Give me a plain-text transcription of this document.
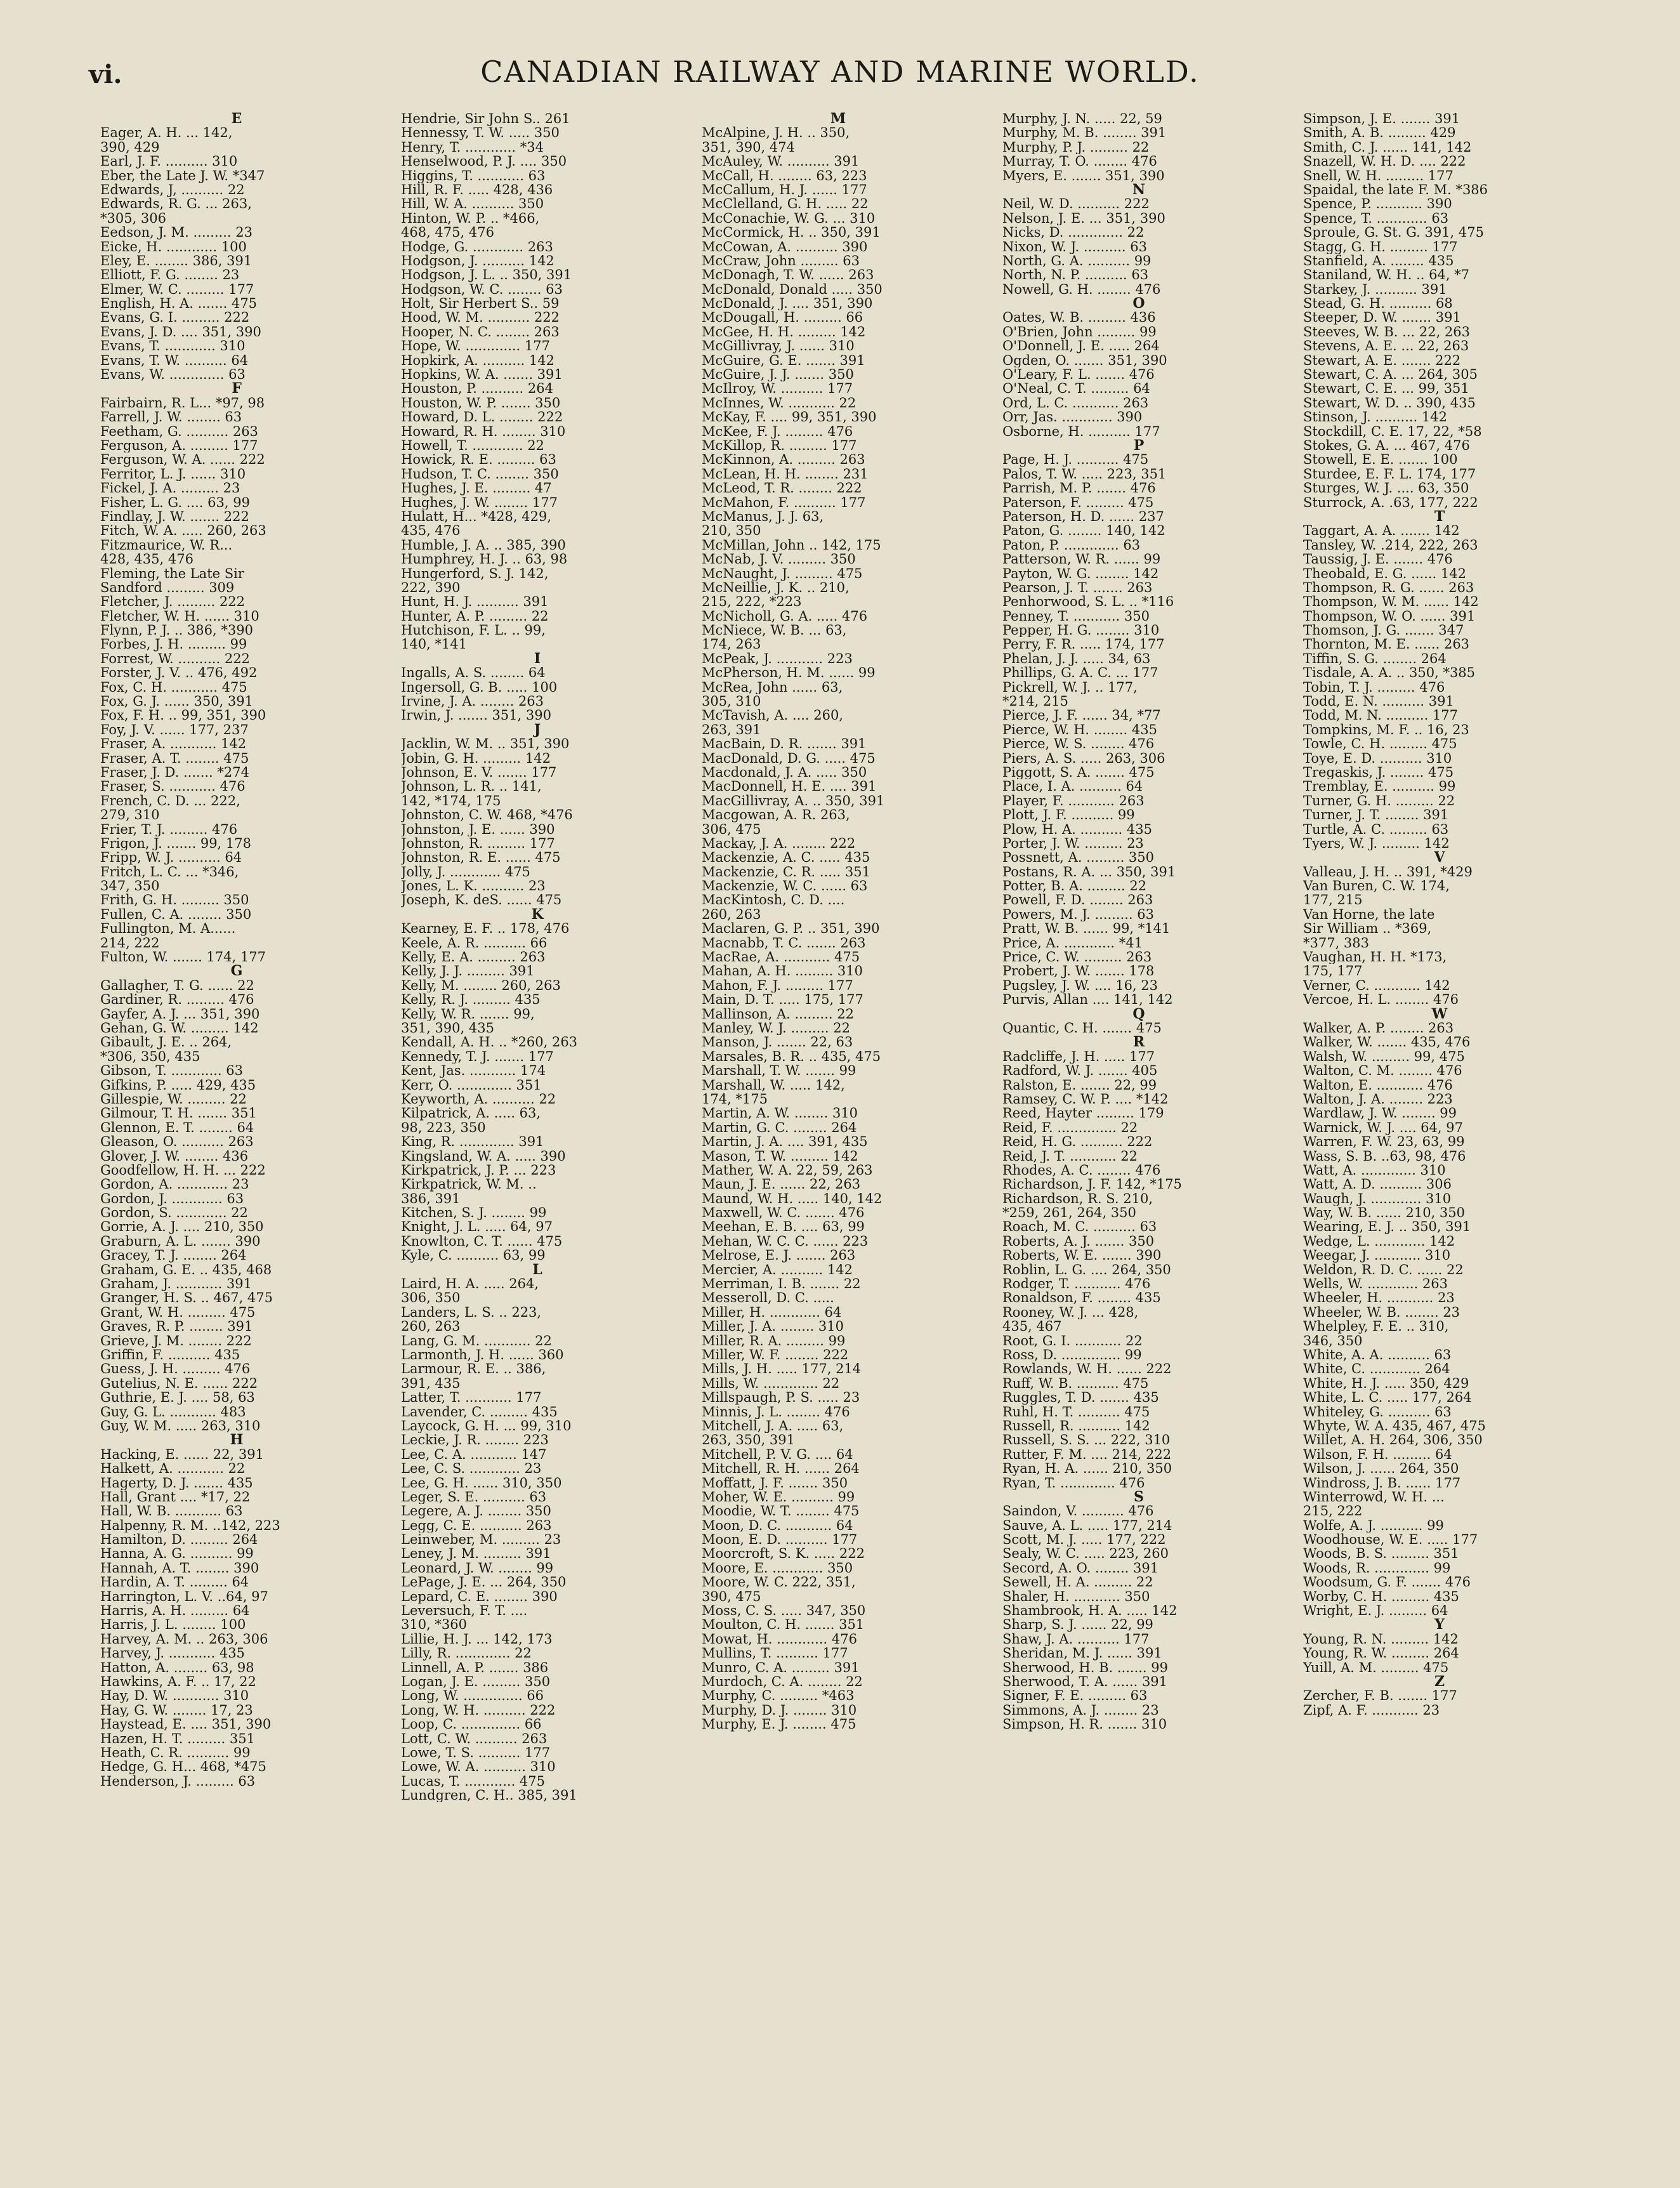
vi.	CANADIAN RAILWAY AND MARINE WORLD.
E
Eager, A. H. ... 142,
390, 429
Earl, J. F. .......... 310
Eber, the Late J. W. *347
Edwards, J, .......... 22
Edwards, R. G. ... 263,
*305, 306
Eedson, J. M. ......... 23
Eicke, H. ............ 100
Eley, E. ........ 386, 391
Elliott, F. G. ........ 23
Elmer, W. C. ......... 177
English, H. A. ....... 475
Evans, G. I. ......... 222
Evans, J. D. .... 351, 390
Evans, T. ............ 310
Evans, T. W. .......... 64
Evans, W. ............. 63
F
Fairbairn, R. L... *97, 98
Farrell, J. W. ........ 63
Feetham, G. .......... 263
Ferguson, A. ......... 177
Ferguson, W. A. ...... 222
Ferritor, L. J. ...... 310
Fickel, J. A. ......... 23
Fisher, L. G. .... 63, 99
Findlay, J. W. ....... 222
Fitch, W. A. ..... 260, 263
Fitzmaurice, W. R...
428, 435, 476
Fleming, the Late Sir
Sandford ......... 309
Fletcher, J. ......... 222
Fletcher, W. H. ...... 310
Flynn, P. J. .. 386, *390
Forbes, J. H. ......... 99
Forrest, W. .......... 222
Forster, J. V. .. 476, 492
Fox, C. H. ........... 475
Fox, G. J. ...... 350, 391
Fox, F. H. .. 99, 351, 390
Foy, J. V. ...... 177, 237
Fraser, A. ........... 142
Fraser, A. T. ........ 475
Fraser, J. D. ....... *274
Fraser, S. ........... 476
French, C. D. ... 222,
279, 310
Frier, T. J. ......... 476
Frigon, J. ....... 99, 178
Fripp, W. J. .......... 64
Fritch, L. C. ... *346,
347, 350
Frith, G. H. ......... 350
Fullen, C. A. ........ 350
Fullington, M. A......
214, 222
Fulton, W. ....... 174, 177
G
Gallagher, T. G. ...... 22
Gardiner, R. ......... 476
Gayfer, A. J. ... 351, 390
Gehan, G. W. ......... 142
Gibault, J. E. .. 264,
*306, 350, 435
Gibson, T. ............ 63
Gifkins, P. ..... 429, 435
Gillespie, W. ......... 22
Gilmour, T. H. ....... 351
Glennon, E. T. ........ 64
Gleason, O. .......... 263
Glover, J. W. ........ 436
Goodfellow, H. H. ... 222
Gordon, A. ............ 23
Gordon, J. ............ 63
Gordon, S. ............ 22
Gorrie, A. J. .... 210, 350
Graburn, A. L. ....... 390
Gracey, T. J. ........ 264
Graham, G. E. .. 435, 468
Graham, J. ........... 391
Granger, H. S. .. 467, 475
Grant, W. H. ......... 475
Graves, R. P. ........ 391
Grieve, J. M. ........ 222
Griffin, F. .......... 435
Guess, J. H. ......... 476
Gutelius, N. E. ...... 222
Guthrie, E. J. .... 58, 63
Guy, G. L. ........... 483
Guy, W. M. ..... 263, 310
H
Hacking, E. ...... 22, 391
Halkett, A. ........... 22
Hagerty, D. J. ....... 435
Hall, Grant .... *17, 22
Hall, W. B. ........... 63
Halpenny, R. M. ..142, 223
Hamilton, D. ......... 264
Hanna, A. G. .......... 99
Hannah, A. T. ........ 390
Hardin, A. T. ......... 64
Harrington, L. V. ..64, 97
Harris, A. H. ......... 64
Harris, J. L. ........ 100
Harvey, A. M. .. 263, 306
Harvey, J. ........... 435
Hatton, A. ........ 63, 98
Hawkins, A. F. .. 17, 22
Hay, D. W. ........... 310
Hay, G. W. ........ 17, 23
Haystead, E. .... 351, 390
Hazen, H. T. ......... 351
Heath, C. R. .......... 99
Hedge, G. H... 468, *475
Henderson, J. ......... 63
Hendrie, Sir John S.. 261
Hennessy, T. W. ..... 350
Henry, T. ............ *34
Henselwood, P. J. .... 350
Higgins, T. ........... 63
Hill, R. F. ..... 428, 436
Hill, W. A. .......... 350
Hinton, W. P. .. *466,
468, 475, 476
Hodge, G. ............ 263
Hodgson, J. .......... 142
Hodgson, J. L. .. 350, 391
Hodgson, W. C. ........ 63
Holt, Sir Herbert S.. 59
Hood, W. M. .......... 222
Hooper, N. C. ........ 263
Hope, W. ............. 177
Hopkirk, A. .......... 142
Hopkins, W. A. ....... 391
Houston, P. .......... 264
Houston, W. P. ....... 350
Howard, D. L. ........ 222
Howard, R. H. ........ 310
Howell, T. ............ 22
Howick, R. E. ......... 63
Hudson, T. C. ........ 350
Hughes, J. E. ......... 47
Hughes, J. W. ........ 177
Hulatt, H... *428, 429,
435, 476
Humble, J. A. .. 385, 390
Humphrey, H. J. .. 63, 98
Hungerford, S. J. 142,
222, 390
Hunt, H. J. .......... 391
Hunter, A. P. ......... 22
Hutchison, F. L. .. 99,
140, *141
I
Ingalls, A. S. ........ 64
Ingersoll, G. B. ..... 100
Irvine, J. A. ........ 263
Irwin, J. ....... 351, 390
J
Jacklin, W. M. .. 351, 390
Jobin, G. H. ......... 142
Johnson, E. V. ....... 177
Johnson, L. R. .. 141,
142, *174, 175
Johnston, C. W. 468, *476
Johnston, J. E. ...... 390
Johnston, R. ......... 177
Johnston, R. E. ...... 475
Jolly, J. ............ 475
Jones, L. K. .......... 23
Joseph, K. deS. ...... 475
K
Kearney, E. F. .. 178, 476
Keele, A. R. .......... 66
Kelly, E. A. ......... 263
Kelly, J. J. ......... 391
Kelly, M. ........ 260, 263
Kelly, R. J. ......... 435
Kelly, W. R. ....... 99,
351, 390, 435
Kendall, A. H. .. *260, 263
Kennedy, T. J. ....... 177
Kent, Jas. ........... 174
Kerr, O. ............. 351
Keyworth, A. .......... 22
Kilpatrick, A. ..... 63,
98, 223, 350
King, R. ............. 391
Kingsland, W. A. ..... 390
Kirkpatrick, J. P. ... 223
Kirkpatrick, W. M. ..
386, 391
Kitchen, S. J. ........ 99
Knight, J. L. ..... 64, 97
Knowlton, C. T. ...... 475
Kyle, C. .......... 63, 99
L
Laird, H. A. ..... 264,
306, 350
Landers, L. S. .. 223,
260, 263
Lang, G. M. ........... 22
Larmonth, J. H. ...... 360
Larmour, R. E. .. 386,
391, 435
Latter, T. ........... 177
Lavender, C. ......... 435
Laycock, G. H. ... 99, 310
Leckie, J. R. ........ 223
Lee, C. A. ........... 147
Lee, C. S. ............ 23
Lee, G. H. ...... 310, 350
Leger, S. E. .......... 63
Legere, A. J. ........ 350
Legg, C. E. .......... 263
Leinweber, M. ......... 23
Leney, J. M. ......... 391
Leonard, J. W. ........ 99
LePage, J. E. ... 264, 350
Lepard, C. E. ........ 390
Leversuch, F. T. ....
310, *360
Lillie, H. J. ... 142, 173
Lilly, R. ............. 22
Linnell, A. P. ....... 386
Logan, J. E. ......... 350
Long, W. .............. 66
Long, W. H. .......... 222
Loop, C. .............. 66
Lott, C. W. .......... 263
Lowe, T. S. .......... 177
Lowe, W. A. .......... 310
Lucas, T. ............ 475
Lundgren, C. H.. 385, 391
M
McAlpine, J. H. .. 350,
351, 390, 474
McAuley, W. .......... 391
McCall, H. ........ 63, 223
McCallum, H. J. ...... 177
McClelland, G. H. ..... 22
McConachie, W. G. ... 310
McCormick, H. .. 350, 391
McCowan, A. .......... 390
McCraw, John ......... 63
McDonagh, T. W. ...... 263
McDonald, Donald ..... 350
McDonald, J. .... 351, 390
McDougall, H. ......... 66
McGee, H. H. ......... 142
McGillivray, J. ...... 310
McGuire, G. E. ....... 391
McGuire, J. J. ....... 350
McIlroy, W. .......... 177
McInnes, W. ........... 22
McKay, F. .... 99, 351, 390
McKee, F. J. ......... 476
McKillop, R. ......... 177
McKinnon, A. ......... 263
McLean, H. H. ........ 231
McLeod, T. R. ........ 222
McMahon, F. .......... 177
McManus, J. J. 63,
210, 350
McMillan, John .. 142, 175
McNab, J. V. ......... 350
McNaught, J. ......... 475
McNeillie, J. K. .. 210,
215, 222, *223
McNicholl, G. A. ..... 476
McNiece, W. B. ... 63,
174, 263
McPeak, J. ........... 223
McPherson, H. M. ...... 99
McRea, John ...... 63,
305, 310
McTavish, A. .... 260,
263, 391
MacBain, D. R. ....... 391
MacDonald, D. G. ..... 475
Macdonald, J. A. ..... 350
MacDonnell, H. E. .... 391
MacGillivray, A. .. 350, 391
Macgowan, A. R. 263,
306, 475
Mackay, J. A. ........ 222
Mackenzie, A. C. ..... 435
Mackenzie, C. R. ..... 351
Mackenzie, W. C. ...... 63
MacKintosh, C. D. ....
260, 263
Maclaren, G. P. .. 351, 390
Macnabb, T. C. ....... 263
MacRae, A. ........... 475
Mahan, A. H. ......... 310
Mahon, F. J. ......... 177
Main, D. T. ..... 175, 177
Mallinson, A. ......... 22
Manley, W. J. ......... 22
Manson, J. ....... 22, 63
Marsales, B. R. .. 435, 475
Marshall, T. W. ....... 99
Marshall, W. ..... 142,
174, *175
Martin, A. W. ........ 310
Martin, G. C. ........ 264
Martin, J. A. .... 391, 435
Mason, T. W. ......... 142
Mather, W. A. 22, 59, 263
Maun, J. E. ...... 22, 263
Maund, W. H. ..... 140, 142
Maxwell, W. C. ....... 476
Meehan, E. B. .... 63, 99
Mehan, W. C. C. ...... 223
Melrose, E. J. ....... 263
Mercier, A. .......... 142
Merriman, I. B. ....... 22
Messeroll, D. C. .....
Miller, H. ............ 64
Miller, J. A. ........ 310
Miller, R. A. ......... 99
Miller, W. F. ........ 222
Mills, J. H. ..... 177, 214
Mills, W. ............. 22
Millspaugh, P. S. ..... 23
Minnis, J. L. ........ 476
Mitchell, J. A. ..... 63,
263, 350, 391
Mitchell, P. V. G. .... 64
Mitchell, R. H. ...... 264
Moffatt, J. F. ....... 350
Moher, W. E. .......... 99
Moodie, W. T. ........ 475
Moon, D. C. ........... 64
Moon, E. D. .......... 177
Moorcroft, S. K. ..... 222
Moore, E. ............ 350
Moore, W. C. 222, 351,
390, 475
Moss, C. S. ..... 347, 350
Moulton, C. H. ....... 351
Mowat, H. ............ 476
Mullins, T. .......... 177
Munro, C. A. ......... 391
Murdoch, C. A. ........ 22
Murphy, C. ......... *463
Murphy, D. J. ........ 310
Murphy, E. J. ........ 475
Murphy, J. N. ..... 22, 59
Murphy, M. B. ........ 391
Murphy, P. J. ......... 22
Murray, T. O. ........ 476
Myers, E. ....... 351, 390
N
Neil, W. D. .......... 222
Nelson, J. E. ... 351, 390
Nicks, D. ............. 22
Nixon, W. J. .......... 63
North, G. A. .......... 99
North, N. P. .......... 63
Nowell, G. H. ........ 476
O
Oates, W. B. ......... 436
O'Brien, John ......... 99
O'Donnell, J. E. ..... 264
Ogden, O. ....... 351, 390
O'Leary, F. L. ....... 476
O'Neal, C. T. ......... 64
Ord, L. C. ........... 263
Orr, Jas. ............ 390
Osborne, H. .......... 177
P
Page, H. J. .......... 475
Palos, T. W. ..... 223, 351
Parrish, M. P. ....... 476
Paterson, F. ......... 475
Paterson, H. D. ...... 237
Paton, G. ........ 140, 142
Paton, P. ............. 63
Patterson, W. R. ...... 99
Payton, W. G. ........ 142
Pearson, J. T. ....... 263
Penhorwood, S. L. .. *116
Penney, T. ........... 350
Pepper, H. G. ........ 310
Perry, F. R. ..... 174, 177
Phelan, J. J. ..... 34, 63
Phillips, G. A. C. ... 177
Pickrell, W. J. .. 177,
*214, 215
Pierce, J. F. ...... 34, *77
Pierce, W. H. ........ 435
Pierce, W. S. ........ 476
Piers, A. S. ..... 263, 306
Piggott, S. A. ....... 475
Place, I. A. .......... 64
Player, F. ........... 263
Plott, J. F. .......... 99
Plow, H. A. .......... 435
Porter, J. W. ......... 23
Possnett, A. ......... 350
Postans, R. A. ... 350, 391
Potter, B. A. ......... 22
Powell, F. D. ........ 263
Powers, M. J. ......... 63
Pratt, W. B. ...... 99, *141
Price, A. ............ *41
Price, C. W. ......... 263
Probert, J. W. ....... 178
Pugsley, J. W. .... 16, 23
Purvis, Allan .... 141, 142
Q
Quantic, C. H. ....... 475
R
Radcliffe, J. H. ..... 177
Radford, W. J. ....... 405
Ralston, E. ....... 22, 99
Ramsey, C. W. P. .... *142
Reed, Hayter ......... 179
Reid, F. .............. 22
Reid, H. G. .......... 222
Reid, J. T. ........... 22
Rhodes, A. C. ........ 476
Richardson, J. F. 142, *175
Richardson, R. S. 210,
*259, 261, 264, 350
Roach, M. C. .......... 63
Roberts, A. J. ....... 350
Roberts, W. E. ....... 390
Roblin, L. G. .... 264, 350
Rodger, T. ........... 476
Ronaldson, F. ........ 435
Rooney, W. J. ... 428,
435, 467
Root, G. I. ........... 22
Ross, D. .............. 99
Rowlands, W. H. ...... 222
Ruff, W. B. .......... 475
Ruggles, T. D. ....... 435
Ruhl, H. T. .......... 475
Russell, R. .......... 142
Russell, S. S. ... 222, 310
Rutter, F. M. .... 214, 222
Ryan, H. A. ...... 210, 350
Ryan, T. ............. 476
S
Saindon, V. .......... 476
Sauve, A. L. ..... 177, 214
Scott, M. J. ..... 177, 222
Sealy, W. C. ..... 223, 260
Secord, A. O. ........ 391
Sewell, H. A. ......... 22
Shaler, H. ........... 350
Shambrook, H. A. ..... 142
Sharp, S. J. ...... 22, 99
Shaw, J. A. .......... 177
Sheridan, M. J. ...... 391
Sherwood, H. B. ....... 99
Sherwood, T. A. ...... 391
Signer, F. E. ......... 63
Simmons, A. J. ........ 23
Simpson, H. R. ....... 310
Simpson, J. E. ....... 391
Smith, A. B. ......... 429
Smith, C. J. ...... 141, 142
Snazell, W. H. D. .... 222
Snell, W. H. ......... 177
Spaidal, the late F. M. *386
Spence, P. ........... 390
Spence, T. ............ 63
Sproule, G. St. G. 391, 475
Stagg, G. H. ......... 177
Stanfield, A. ........ 435
Staniland, W. H. .. 64, *7
Starkey, J. .......... 391
Stead, G. H. .......... 68
Steeper, D. W. ....... 391
Steeves, W. B. ... 22, 263
Stevens, A. E. ... 22, 263
Stewart, A. E. ....... 222
Stewart, C. A. ... 264, 305
Stewart, C. E. ... 99, 351
Stewart, W. D. .. 390, 435
Stinson, J. .......... 142
Stockdill, C. E. 17, 22, *58
Stokes, G. A. ... 467, 476
Stowell, E. E. ....... 100
Sturdee, E. F. L. 174, 177
Sturges, W. J. .... 63, 350
Sturrock, A. .63, 177, 222
T
Taggart, A. A. ....... 142
Tansley, W. .214, 222, 263
Taussig, J. E. ....... 476
Theobald, E. G. ...... 142
Thompson, R. G. ...... 263
Thompson, W. M. ...... 142
Thompson, W. O. ...... 391
Thomson, J. G. ....... 347
Thornton, M. E. ...... 263
Tiffin, S. G. ........ 264
Tisdale, A. A. .. 350, *385
Tobin, T. J. ......... 476
Todd, E. N. .......... 391
Todd, M. N. .......... 177
Tompkins, M. F. .. 16, 23
Towle, C. H. ......... 475
Toye, E. D. .......... 310
Tregaskis, J. ........ 475
Tremblay, E. .......... 99
Turner, G. H. ......... 22
Turner, J. T. ........ 391
Turtle, A. C. ......... 63
Tyers, W. J. ......... 142
V
Valleau, J. H. .. 391, *429
Van Buren, C. W. 174,
177, 215
Van Horne, the late
Sir William .. *369,
*377, 383
Vaughan, H. H. *173,
175, 177
Verner, C. ........... 142
Vercoe, H. L. ........ 476
W
Walker, A. P. ........ 263
Walker, W. ....... 435, 476
Walsh, W. ......... 99, 475
Walton, C. M. ........ 476
Walton, E. ........... 476
Walton, J. A. ........ 223
Wardlaw, J. W. ........ 99
Warnick, W. J. .... 64, 97
Warren, F. W. 23, 63, 99
Wass, S. B. ..63, 98, 476
Watt, A. ............. 310
Watt, A. D. .......... 306
Waugh, J. ............ 310
Way, W. B. ...... 210, 350
Wearing, E. J. .. 350, 391
Wedge, L. ............ 142
Weegar, J. ........... 310
Weldon, R. D. C. ...... 22
Wells, W. ............ 263
Wheeler, H. ........... 23
Wheeler, W. B. ........ 23
Whelpley, F. E. .. 310,
346, 350
White, A. A. .......... 63
White, C. ............ 264
White, H. J. ..... 350, 429
White, L. C. ..... 177, 264
Whiteley, G. .......... 63
Whyte, W. A. 435, 467, 475
Willet, A. H. 264, 306, 350
Wilson, F. H. ......... 64
Wilson, J. ...... 264, 350
Windross, J. B. ...... 177
Winterrowd, W. H. ...
215, 222
Wolfe, A. J. .......... 99
Woodhouse, W. E. ..... 177
Woods, B. S. ......... 351
Woods, R. ............. 99
Woodsum, G. F. ....... 476
Worby, C. H. ......... 435
Wright, E. J. ......... 64
Y
Young, R. N. ......... 142
Young, R. W. ......... 264
Yuill, A. M. ......... 475
Z
Zercher, F. B. ....... 177
Zipf, A. F. ........... 23
